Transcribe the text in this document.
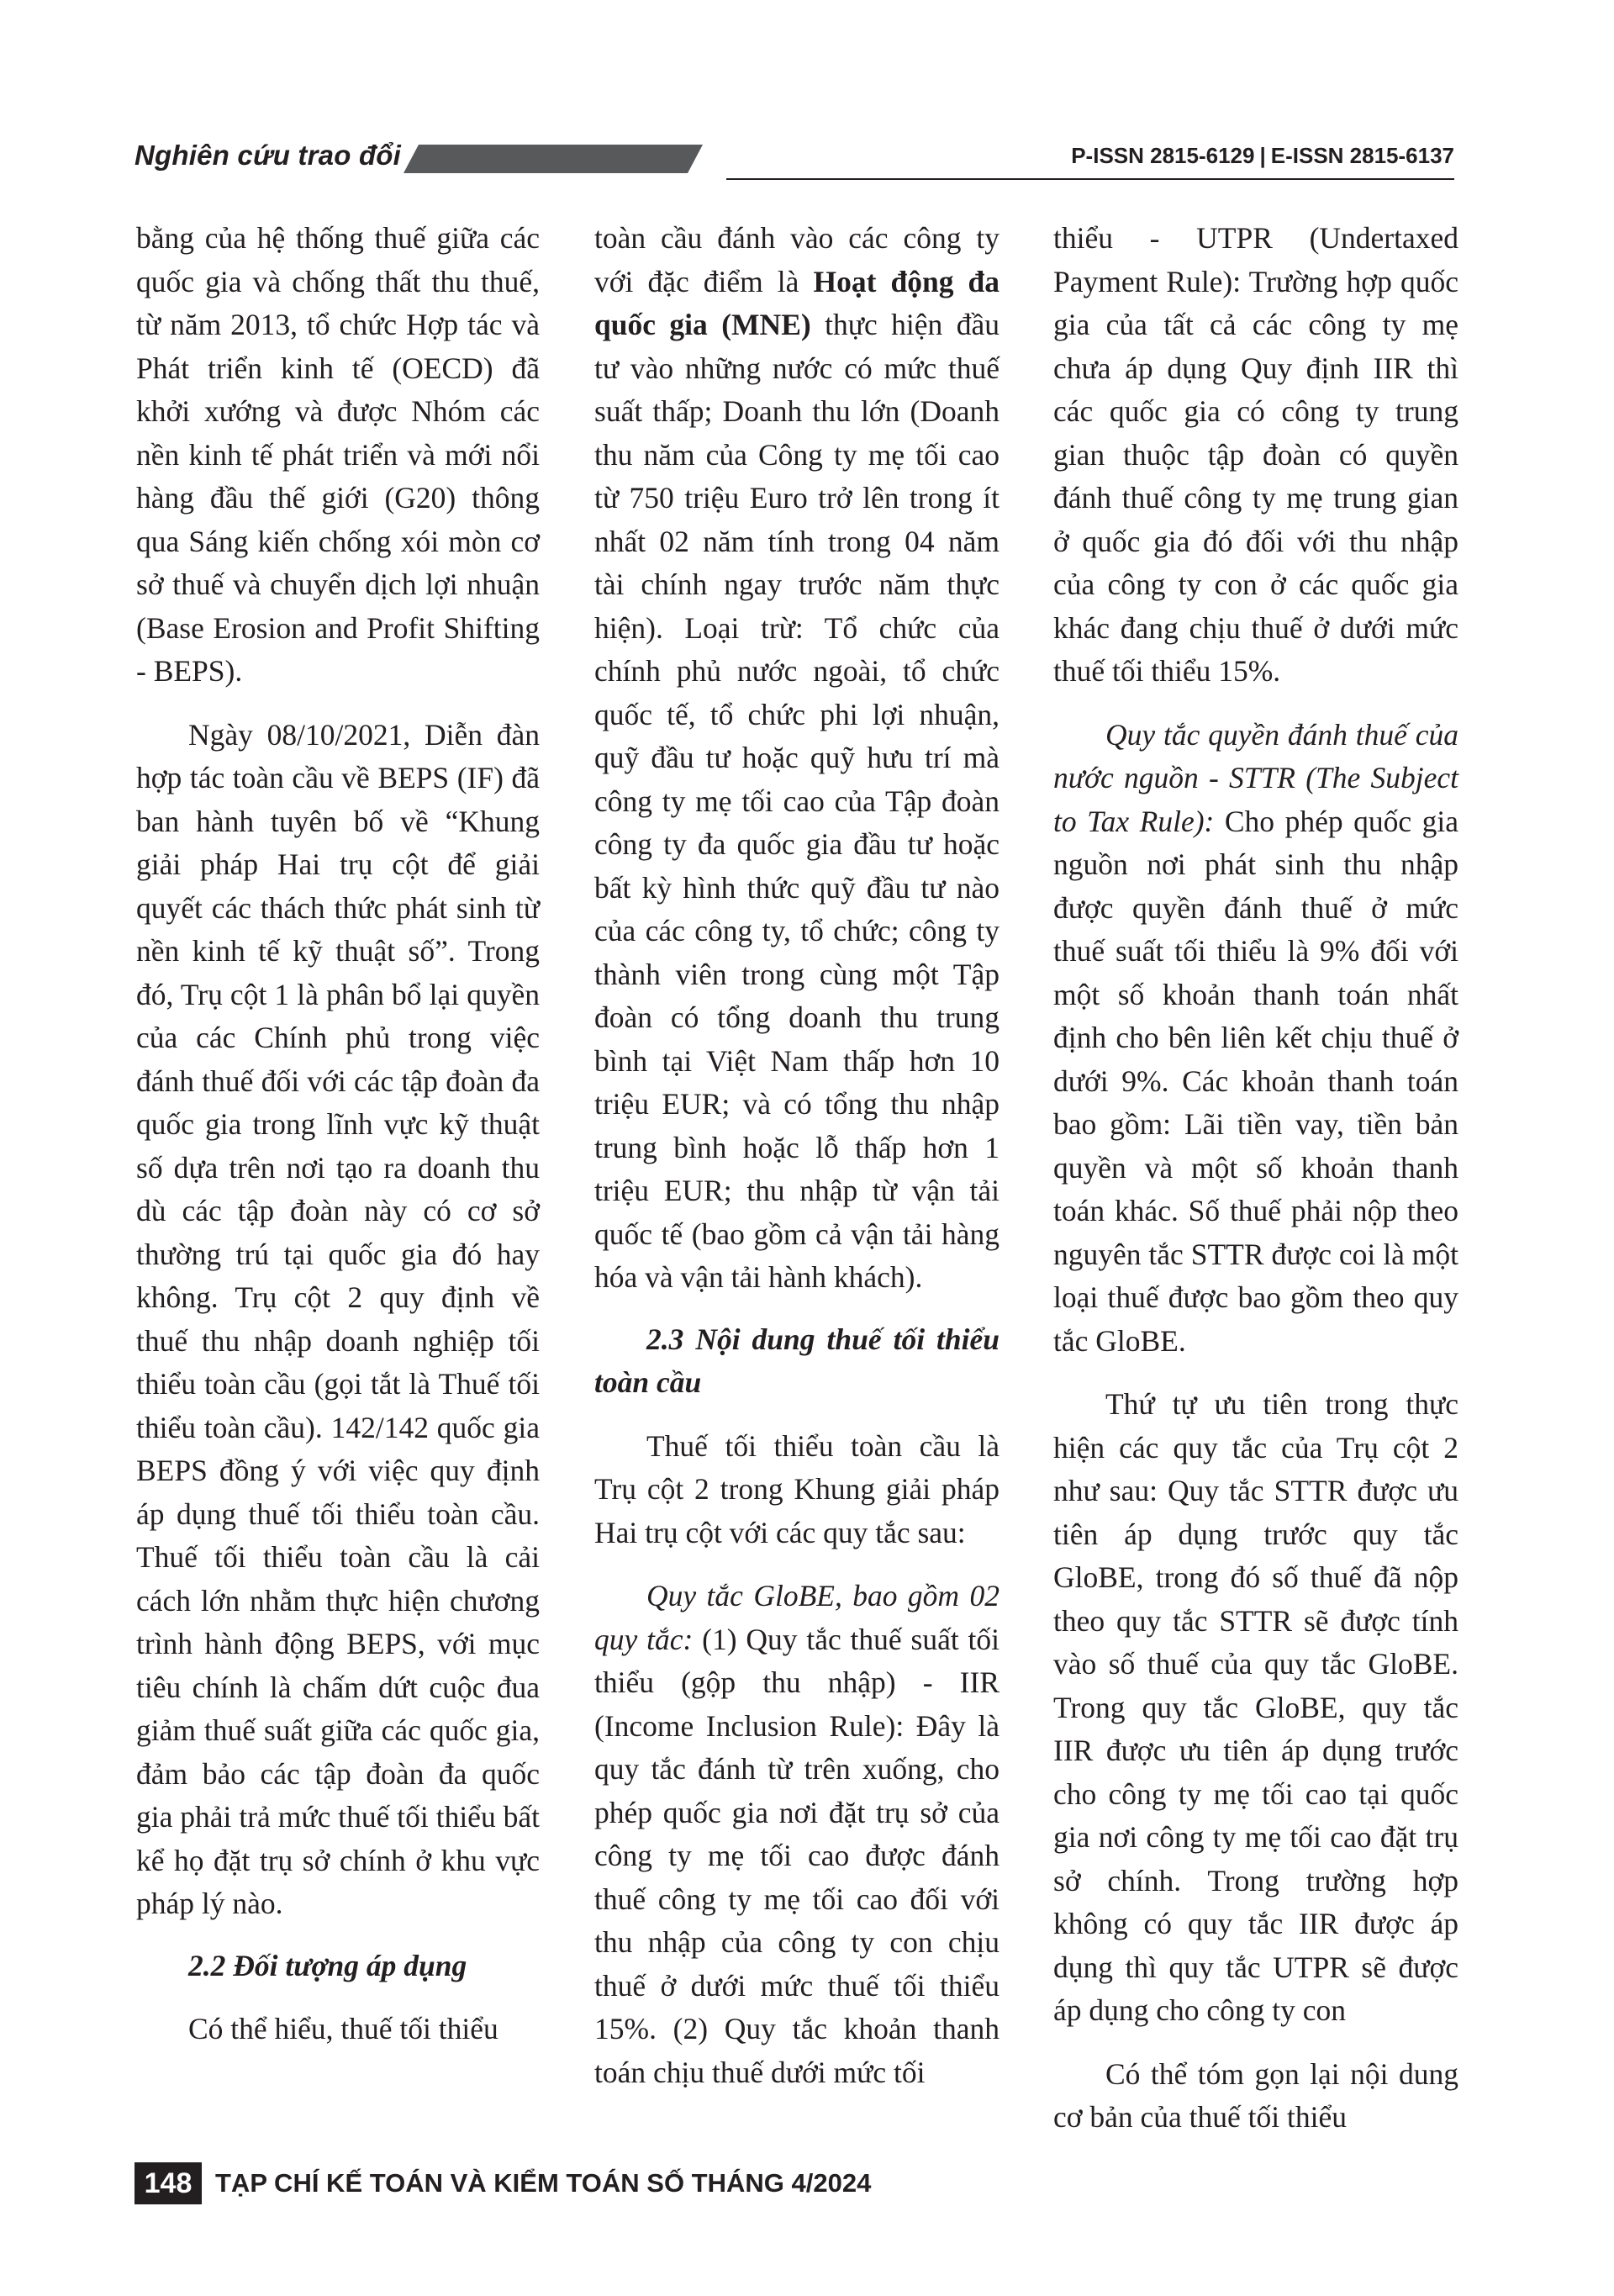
Nghiên cứu trao đổi	P-ISSN 2815-6129 | E-ISSN 2815-6137

bằng của hệ thống thuế giữa các quốc gia và chống thất thu thuế, từ năm 2013, tổ chức Hợp tác và Phát triển kinh tế (OECD) đã khởi xướng và được Nhóm các nền kinh tế phát triển và mới nổi hàng đầu thế giới (G20) thông qua Sáng kiến chống xói mòn cơ sở thuế và chuyển dịch lợi nhuận (Base Erosion and Profit Shifting - BEPS).

Ngày 08/10/2021, Diễn đàn hợp tác toàn cầu về BEPS (IF) đã ban hành tuyên bố về “Khung giải pháp Hai trụ cột để giải quyết các thách thức phát sinh từ nền kinh tế kỹ thuật số”. Trong đó, Trụ cột 1 là phân bổ lại quyền của các Chính phủ trong việc đánh thuế đối với các tập đoàn đa quốc gia trong lĩnh vực kỹ thuật số dựa trên nơi tạo ra doanh thu dù các tập đoàn này có cơ sở thường trú tại quốc gia đó hay không. Trụ cột 2 quy định về thuế thu nhập doanh nghiệp tối thiểu toàn cầu (gọi tắt là Thuế tối thiểu toàn cầu). 142/142 quốc gia BEPS đồng ý với việc quy định áp dụng thuế tối thiểu toàn cầu. Thuế tối thiểu toàn cầu là cải cách lớn nhằm thực hiện chương trình hành động BEPS, với mục tiêu chính là chấm dứt cuộc đua giảm thuế suất giữa các quốc gia, đảm bảo các tập đoàn đa quốc gia phải trả mức thuế tối thiểu bất kể họ đặt trụ sở chính ở khu vực pháp lý nào.

2.2 Đối tượng áp dụng

Có thể hiểu, thuế tối thiểu

toàn cầu đánh vào các công ty với đặc điểm là Hoạt động đa quốc gia (MNE) thực hiện đầu tư vào những nước có mức thuế suất thấp; Doanh thu lớn (Doanh thu năm của Công ty mẹ tối cao từ 750 triệu Euro trở lên trong ít nhất 02 năm tính trong 04 năm tài chính ngay trước năm thực hiện). Loại trừ: Tổ chức của chính phủ nước ngoài, tổ chức quốc tế, tổ chức phi lợi nhuận, quỹ đầu tư hoặc quỹ hưu trí mà công ty mẹ tối cao của Tập đoàn công ty đa quốc gia đầu tư hoặc bất kỳ hình thức quỹ đầu tư nào của các công ty, tổ chức; công ty thành viên trong cùng một Tập đoàn có tổng doanh thu trung bình tại Việt Nam thấp hơn 10 triệu EUR; và có tổng thu nhập trung bình hoặc lỗ thấp hơn 1 triệu EUR; thu nhập từ vận tải quốc tế (bao gồm cả vận tải hàng hóa và vận tải hành khách).

2.3 Nội dung thuế tối thiểu toàn cầu

Thuế tối thiểu toàn cầu là Trụ cột 2 trong Khung giải pháp Hai trụ cột với các quy tắc sau:

Quy tắc GloBE, bao gồm 02 quy tắc: (1) Quy tắc thuế suất tối thiểu (gộp thu nhập) - IIR (Income Inclusion Rule): Đây là quy tắc đánh từ trên xuống, cho phép quốc gia nơi đặt trụ sở của công ty mẹ tối cao được đánh thuế công ty mẹ tối cao đối với thu nhập của công ty con chịu thuế ở dưới mức thuế tối thiểu 15%. (2) Quy tắc khoản thanh toán chịu thuế dưới mức tối

thiểu - UTPR (Undertaxed Payment Rule): Trường hợp quốc gia của tất cả các công ty mẹ chưa áp dụng Quy định IIR thì các quốc gia có công ty trung gian thuộc tập đoàn có quyền đánh thuế công ty mẹ trung gian ở quốc gia đó đối với thu nhập của công ty con ở các quốc gia khác đang chịu thuế ở dưới mức thuế tối thiểu 15%.

Quy tắc quyền đánh thuế của nước nguồn - STTR (The Subject to Tax Rule): Cho phép quốc gia nguồn nơi phát sinh thu nhập được quyền đánh thuế ở mức thuế suất tối thiểu là 9% đối với một số khoản thanh toán nhất định cho bên liên kết chịu thuế ở dưới 9%. Các khoản thanh toán bao gồm: Lãi tiền vay, tiền bản quyền và một số khoản thanh toán khác. Số thuế phải nộp theo nguyên tắc STTR được coi là một loại thuế được bao gồm theo quy tắc GloBE.

Thứ tự ưu tiên trong thực hiện các quy tắc của Trụ cột 2 như sau: Quy tắc STTR được ưu tiên áp dụng trước quy tắc GloBE, trong đó số thuế đã nộp theo quy tắc STTR sẽ được tính vào số thuế của quy tắc GloBE. Trong quy tắc GloBE, quy tắc IIR được ưu tiên áp dụng trước cho công ty mẹ tối cao tại quốc gia nơi công ty mẹ tối cao đặt trụ sở chính. Trong trường hợp không có quy tắc IIR được áp dụng thì quy tắc UTPR sẽ được áp dụng cho công ty con

Có thể tóm gọn lại nội dung cơ bản của thuế tối thiểu

148 TẠP CHÍ KẾ TOÁN VÀ KIỂM TOÁN SỐ THÁNG 4/2024
